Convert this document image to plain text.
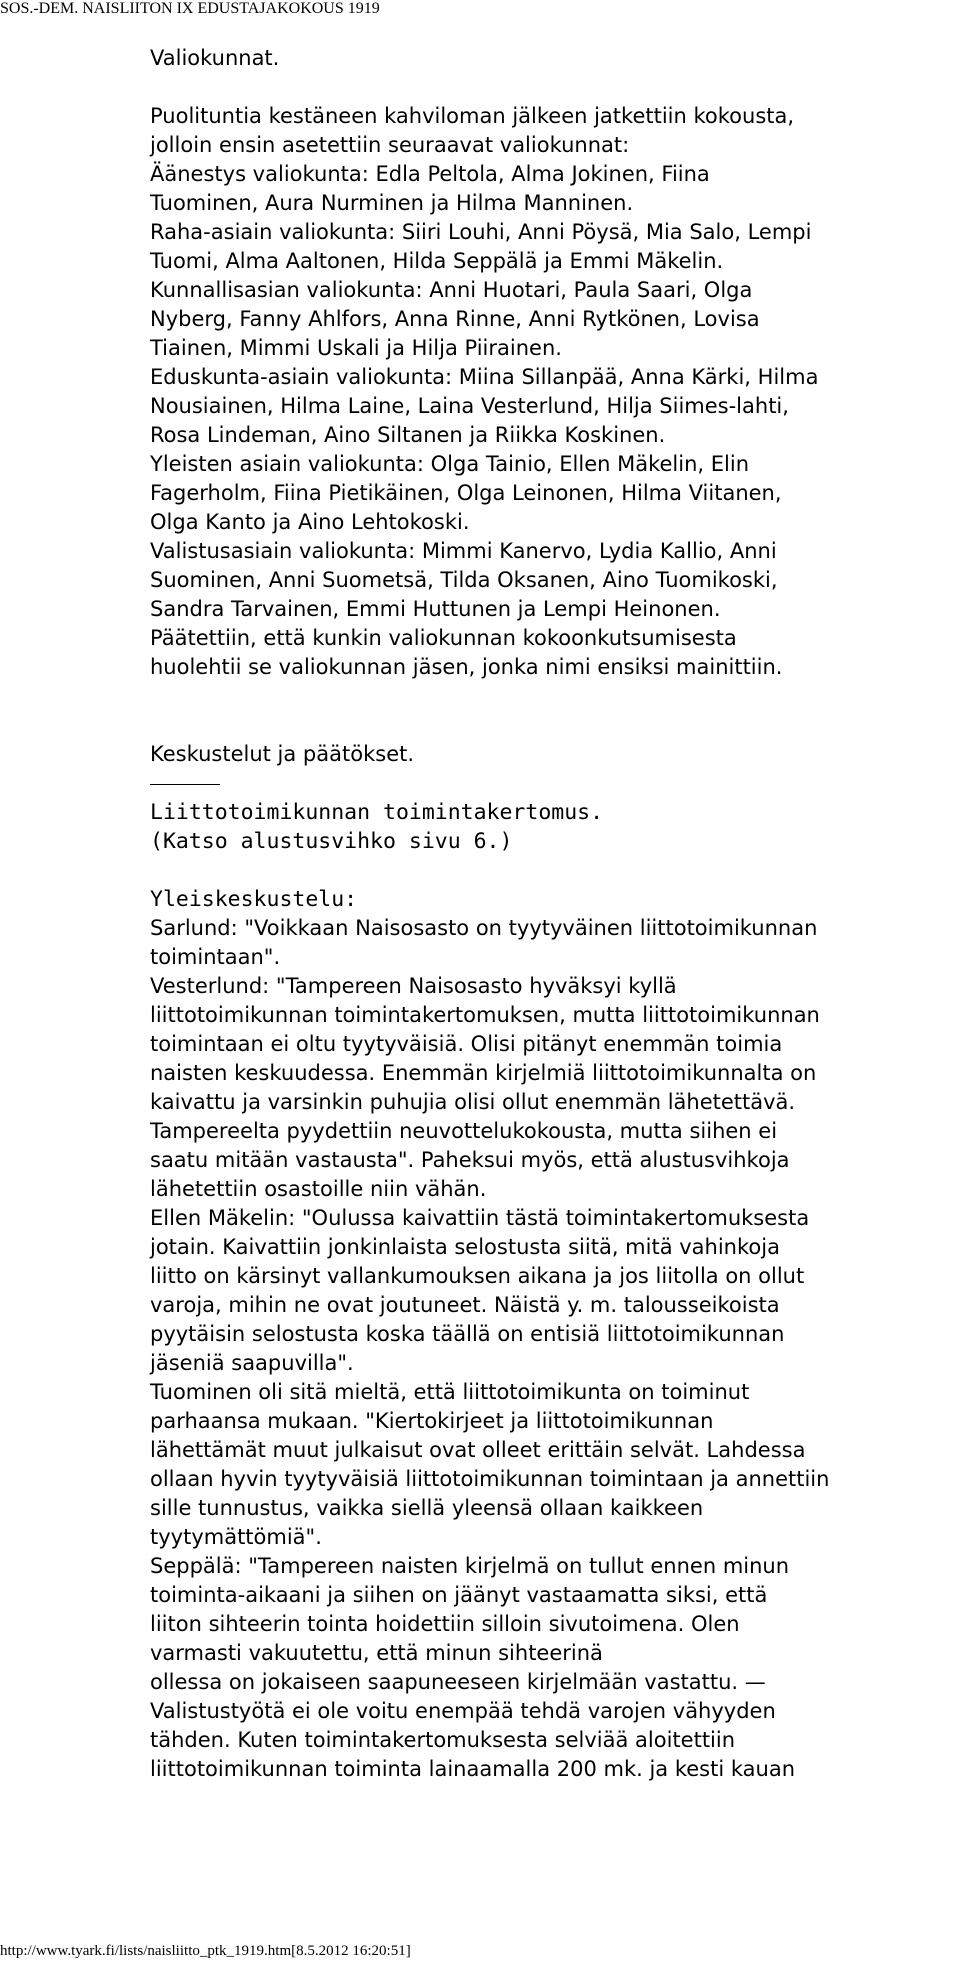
SOS.-DEM. NAISLIITON IX EDUSTAJAKOKOUS 1919
Valiokunnat.
Puolituntia kestäneen kahviloman jälkeen jatkettiin kokousta,
jolloin ensin asetettiin seuraavat valiokunnat:
Äänestys valiokunta: Edla Peltola, Alma Jokinen, Fiina
Tuominen, Aura Nurminen ja Hilma Manninen.
Raha-asiain valiokunta: Siiri Louhi, Anni Pöysä, Mia Salo, Lempi
Tuomi, Alma Aaltonen, Hilda Seppälä ja Emmi Mäkelin.
Kunnallisasian valiokunta: Anni Huotari, Paula Saari, Olga
Nyberg, Fanny Ahlfors, Anna Rinne, Anni Rytkönen, Lovisa
Tiainen, Mimmi Uskali ja Hilja Piirainen.
Eduskunta-asiain valiokunta: Miina Sillanpää, Anna Kärki, Hilma
Nousiainen, Hilma Laine, Laina Vesterlund, Hilja Siimes-lahti,
Rosa Lindeman, Aino Siltanen ja Riikka Koskinen.
Yleisten asiain valiokunta: Olga Tainio, Ellen Mäkelin, Elin
Fagerholm, Fiina Pietikäinen, Olga Leinonen, Hilma Viitanen,
Olga Kanto ja Aino Lehtokoski.
Valistusasiain valiokunta: Mimmi Kanervo, Lydia Kallio, Anni
Suominen, Anni Suometsä, Tilda Oksanen, Aino Tuomikoski,
Sandra Tarvainen, Emmi Huttunen ja Lempi Heinonen.
Päätettiin, että kunkin valiokunnan kokoonkutsumisesta
huolehtii se valiokunnan jäsen, jonka nimi ensiksi mainittiin.
Keskustelut ja päätökset.
Liittotoimikunnan toimintakertomus.
(Katso alustusvihko sivu 6.)
Yleiskeskustelu:
Sarlund: "Voikkaan Naisosasto on tyytyväinen liittotoimikunnan
toimintaan".
Vesterlund: "Tampereen Naisosasto hyväksyi kyllä
liittotoimikunnan toimintakertomuksen, mutta liittotoimikunnan
toimintaan ei oltu tyytyväisiä. Olisi pitänyt enemmän toimia
naisten keskuudessa. Enemmän kirjelmiä liittotoimikunnalta on
kaivattu ja varsinkin puhujia olisi ollut enemmän lähetettävä.
Tampereelta pyydettiin neuvottelukokousta, mutta siihen ei
saatu mitään vastausta". Paheksui myös, että alustusvihkoja
lähetettiin osastoille niin vähän.
Ellen Mäkelin: "Oulussa kaivattiin tästä toimintakertomuksesta
jotain. Kaivattiin jonkinlaista selostusta siitä, mitä vahinkoja
liitto on kärsinyt vallankumouksen aikana ja jos liitolla on ollut
varoja, mihin ne ovat joutuneet. Näistä y. m. talousseikoista
pyytäisin selostusta koska täällä on entisiä liittotoimikunnan
jäseniä saapuvilla".
Tuominen oli sitä mieltä, että liittotoimikunta on toiminut
parhaansa mukaan. "Kiertokirjeet ja liittotoimikunnan
lähettämät muut julkaisut ovat olleet erittäin selvät. Lahdessa
ollaan hyvin tyytyväisiä liittotoimikunnan toimintaan ja annettiin
sille tunnustus, vaikka siellä yleensä ollaan kaikkeen
tyytymättömiä".
Seppälä: "Tampereen naisten kirjelmä on tullut ennen minun
toiminta-aikaani ja siihen on jäänyt vastaamatta siksi, että
liiton sihteerin tointa hoidettiin silloin sivutoimena. Olen
varmasti vakuutettu, että minun sihteerinä
ollessa on jokaiseen saapuneeseen kirjelmään vastattu. —
Valistustyötä ei ole voitu enempää tehdä varojen vähyyden
tähden. Kuten toimintakertomuksesta selviää aloitettiin
liittotoimikunnan toiminta lainaamalla 200 mk. ja kesti kauan
http://www.tyark.fi/lists/naisliitto_ptk_1919.htm[8.5.2012 16:20:51]
